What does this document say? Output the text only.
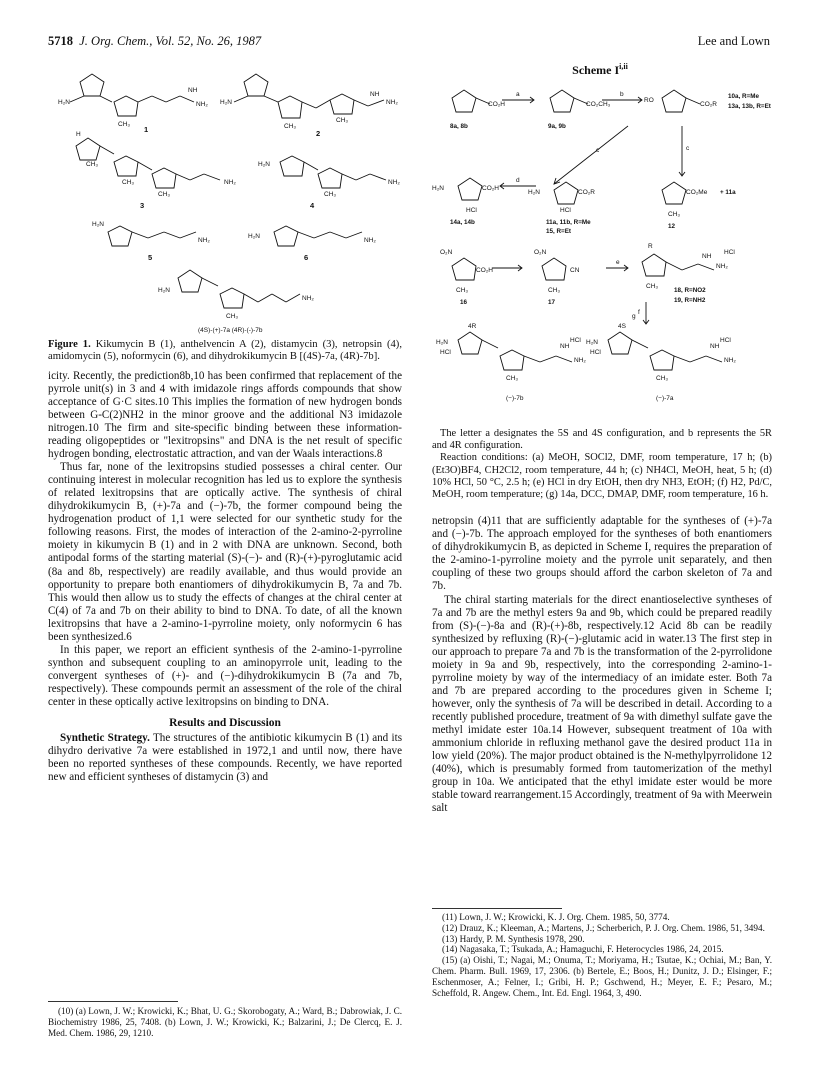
5718 J. Org. Chem., Vol. 52, No. 26, 1987	Lee and Lown
H₂N
NH
NH₂ H₂N
NH
NH₂
CH₃	CH₃
CH₃
H
CH₃
CH₃
CH₃
NH₂
H₂N
CH₃
NH₂
H₂N
NH₂
H₂N
NH₂
H₂N
CH₃
NH₂
1	2
3	4
5	6
(4S)-(+)-7a (4R)-(-)-7b
Figure 1. Kikumycin B (1), anthelvencin A (2), distamycin (3), netropsin (4), amidomycin (5), noformycin (6), and dihydrokikumycin B [(4S)-7a, (4R)-7b].

icity. Recently, the prediction8b,10 has been confirmed that replacement of the pyrrole unit(s) in 3 and 4 with imidazole rings affords compounds that show acceptance of G·C sites.10 This implies the formation of new hydrogen bonds between G-C(2)NH2 in the minor groove and the additional N3 imidazole nitrogen.10 The firm and site-specific binding between these information-reading oligopeptides or "lexitropsins" and DNA is the net result of specific hydrogen bonding, electrostatic attraction, and van der Waals interactions.8

Thus far, none of the lexitropsins studied possesses a chiral center. Our continuing interest in molecular recognition has led us to explore the synthesis of related lexitropsins that are optically active. The synthesis of chiral dihydrokikumycin B, (+)-7a and (−)-7b, the former compound being the hydrogenation product of 1,1 were selected for our synthetic study for the following reasons. First, the modes of interaction of the 2-amino-2-pyrroline moiety in kikumycin B (1) and in 2 with DNA are unknown. Second, both antipodal forms of the starting material (S)-(−)- and (R)-(+)-pyroglutamic acid (8a and 8b, respectively) are readily available, and thus would provide an opportunity to prepare both enantiomers of dihydrokikumycin B, 7a and 7b. This would then allow us to study the effects of changes at the chiral center at C(4) of 7a and 7b on their ability to bind to DNA. To date, of all the known lexitropsins that have a 2-amino-1-pyrroline moiety, only noformycin 6 has been synthesized.6

In this paper, we report an efficient synthesis of the 2-amino-1-pyrroline synthon and subsequent coupling to an aminopyrrole unit, leading to the convergent syntheses of (+)- and (−)-dihydrokikumycin B (7a and 7b, respectively). These compounds permit an assessment of the role of the chiral center in these optically active lexitropsins on binding to DNA.

Results and Discussion

Synthetic Strategy. The structures of the antibiotic kikumycin B (1) and its dihydro derivative 7a were established in 1972,1 and until now, there have been no reported syntheses of these compounds. Recently, we have reported new and efficient syntheses of distamycin (3) and

(10) (a) Lown, J. W.; Krowicki, K.; Bhat, U. G.; Skorobogaty, A.; Ward, B.; Dabrowiak, J. C. Biochemistry 1986, 25, 7408. (b) Lown, J. W.; Krowicki, K.; Balzarini, J.; De Clercq, E. J. Med. Chem. 1986, 29, 1210.

Scheme $I^{i,ii}$
CO₂H	CO₂CH₃
RO
CO₂R
H₂N	CO₂H
HCl
H₂N	CO₂R
HCl
CO₂Me
CH₃
O₂N
CO₂H
CH₃
O₂N
CN
CH₃
R
CH₃
NH
NH₂
HCl
H₂N
HCl
4R
CH₃
NH
NH₂
HCl H₂N
HCl
4S
CH₃
NH
NH₂
HCl
a	b
c	c
d
e
f
g
8a, 8b	9a, 9b
10a, R=Me
13a, 13b, R=Et
14a, 14b	11a, 11b, R=Me
15, R=Et
12
+ 11a
16	17
18, R=NO2
19, R=NH2
(−)-7b	(−)-7a

The letter a designates the 5S and 4S configuration, and b represents the 5R and 4R configuration.

Reaction conditions: (a) MeOH, SOCl2, DMF, room temperature, 17 h; (b) (Et3O)BF4, CH2Cl2, room temperature, 44 h; (c) NH4Cl, MeOH, heat, 5 h; (d) 10% HCl, 50 °C, 2.5 h; (e) HCl in dry EtOH, then dry NH3, EtOH; (f) H2, Pd/C, MeOH, room temperature; (g) 14a, DCC, DMAP, DMF, room temperature, 16 h.

netropsin (4)11 that are sufficiently adaptable for the syntheses of (+)-7a and (−)-7b. The approach employed for the syntheses of both enantiomers of dihydrokikumycin B, as depicted in Scheme I, requires the preparation of the 2-amino-1-pyrroline moiety and the pyrrole unit separately, and then coupling of these two groups should afford the carbon skeleton of 7a and 7b.

The chiral starting materials for the direct enantioselective syntheses of 7a and 7b are the methyl esters 9a and 9b, which could be prepared readily from (S)-(−)-8a and (R)-(+)-8b, respectively.12 Acid 8b can be readily synthesized by refluxing (R)-(−)-glutamic acid in water.13 The first step in our approach to prepare 7a and 7b is the transformation of the 2-pyrrolidone moiety in 9a and 9b, respectively, into the corresponding 2-amino-1-pyrroline moiety by way of the intermediacy of an imidate ester. Both 7a and 7b are prepared according to the procedures given in Scheme I; however, only the synthesis of 7a will be described in detail. According to a recently published procedure, treatment of 9a with dimethyl sulfate gave the methyl imidate ester 10a.14 However, subsequent treatment of 10a with ammonium chloride in refluxing methanol gave the desired product 11a in low yield (20%). The major product obtained is the N-methylpyrrolidone 12 (40%), which is presumably formed from tautomerization of the methyl group in 10a. We anticipated that the ethyl imidate ester would be more stable toward rearrangement.15 Accordingly, treatment of 9a with Meerwein salt

(11) Lown, J. W.; Krowicki, K. J. Org. Chem. 1985, 50, 3774.

(12) Drauz, K.; Kleeman, A.; Martens, J.; Scherberich, P. J. Org. Chem. 1986, 51, 3494.

(13) Hardy, P. M. Synthesis 1978, 290.

(14) Nagasaka, T.; Tsukada, A.; Hamaguchi, F. Heterocycles 1986, 24, 2015.

(15) (a) Oishi, T.; Nagai, M.; Onuma, T.; Moriyama, H.; Tsutae, K.; Ochiai, M.; Ban, Y. Chem. Pharm. Bull. 1969, 17, 2306. (b) Bertele, E.; Boos, H.; Dunitz, J. D.; Elsinger, F.; Eschenmoser, A.; Felner, I.; Gribi, H. P.; Gschwend, H.; Meyer, E. F.; Pesaro, M.; Scheffold, R. Angew. Chem., Int. Ed. Engl. 1964, 3, 490.
